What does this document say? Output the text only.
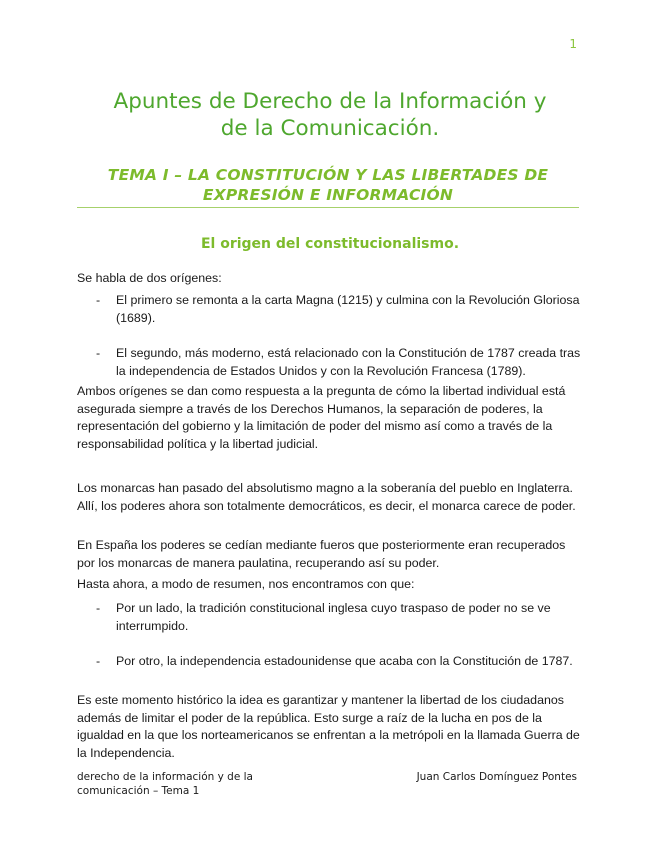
1
Apuntes de Derecho de la Información y
de la Comunicación.
TEMA I – LA CONSTITUCIÓN Y LAS LIBERTADES DE
EXPRESIÓN E INFORMACIÓN
El origen del constitucionalismo.

Se habla de dos orígenes:

- El primero se remonta a la carta Magna (1215) y culmina con la Revolución Gloriosa (1689).
- El segundo, más moderno, está relacionado con la Constitución de 1787 creada tras la independencia de Estados Unidos y con la Revolución Francesa (1789).

Ambos orígenes se dan como respuesta a la pregunta de cómo la libertad individual está asegurada siempre a través de los Derechos Humanos, la separación de poderes, la representación del gobierno y la limitación de poder del mismo así como a través de la responsabilidad política y la libertad judicial.

Los monarcas han pasado del absolutismo magno a la soberanía del pueblo en Inglaterra. Allí, los poderes ahora son totalmente democráticos, es decir, el monarca carece de poder.

En España los poderes se cedían mediante fueros que posteriormente eran recuperados por los monarcas de manera paulatina, recuperando así su poder.

Hasta ahora, a modo de resumen, nos encontramos con que:

- Por un lado, la tradición constitucional inglesa cuyo traspaso de poder no se ve interrumpido.
- Por otro, la independencia estadounidense que acaba con la Constitución de 1787.

Es este momento histórico la idea es garantizar y mantener la libertad de los ciudadanos además de limitar el poder de la república. Esto surge a raíz de la lucha en pos de la igualdad en la que los norteamericanos se enfrentan a la metrópoli en la llamada Guerra de la Independencia.

derecho de la información y de la
comunicación – Tema 1
Juan Carlos Domínguez Pontes
